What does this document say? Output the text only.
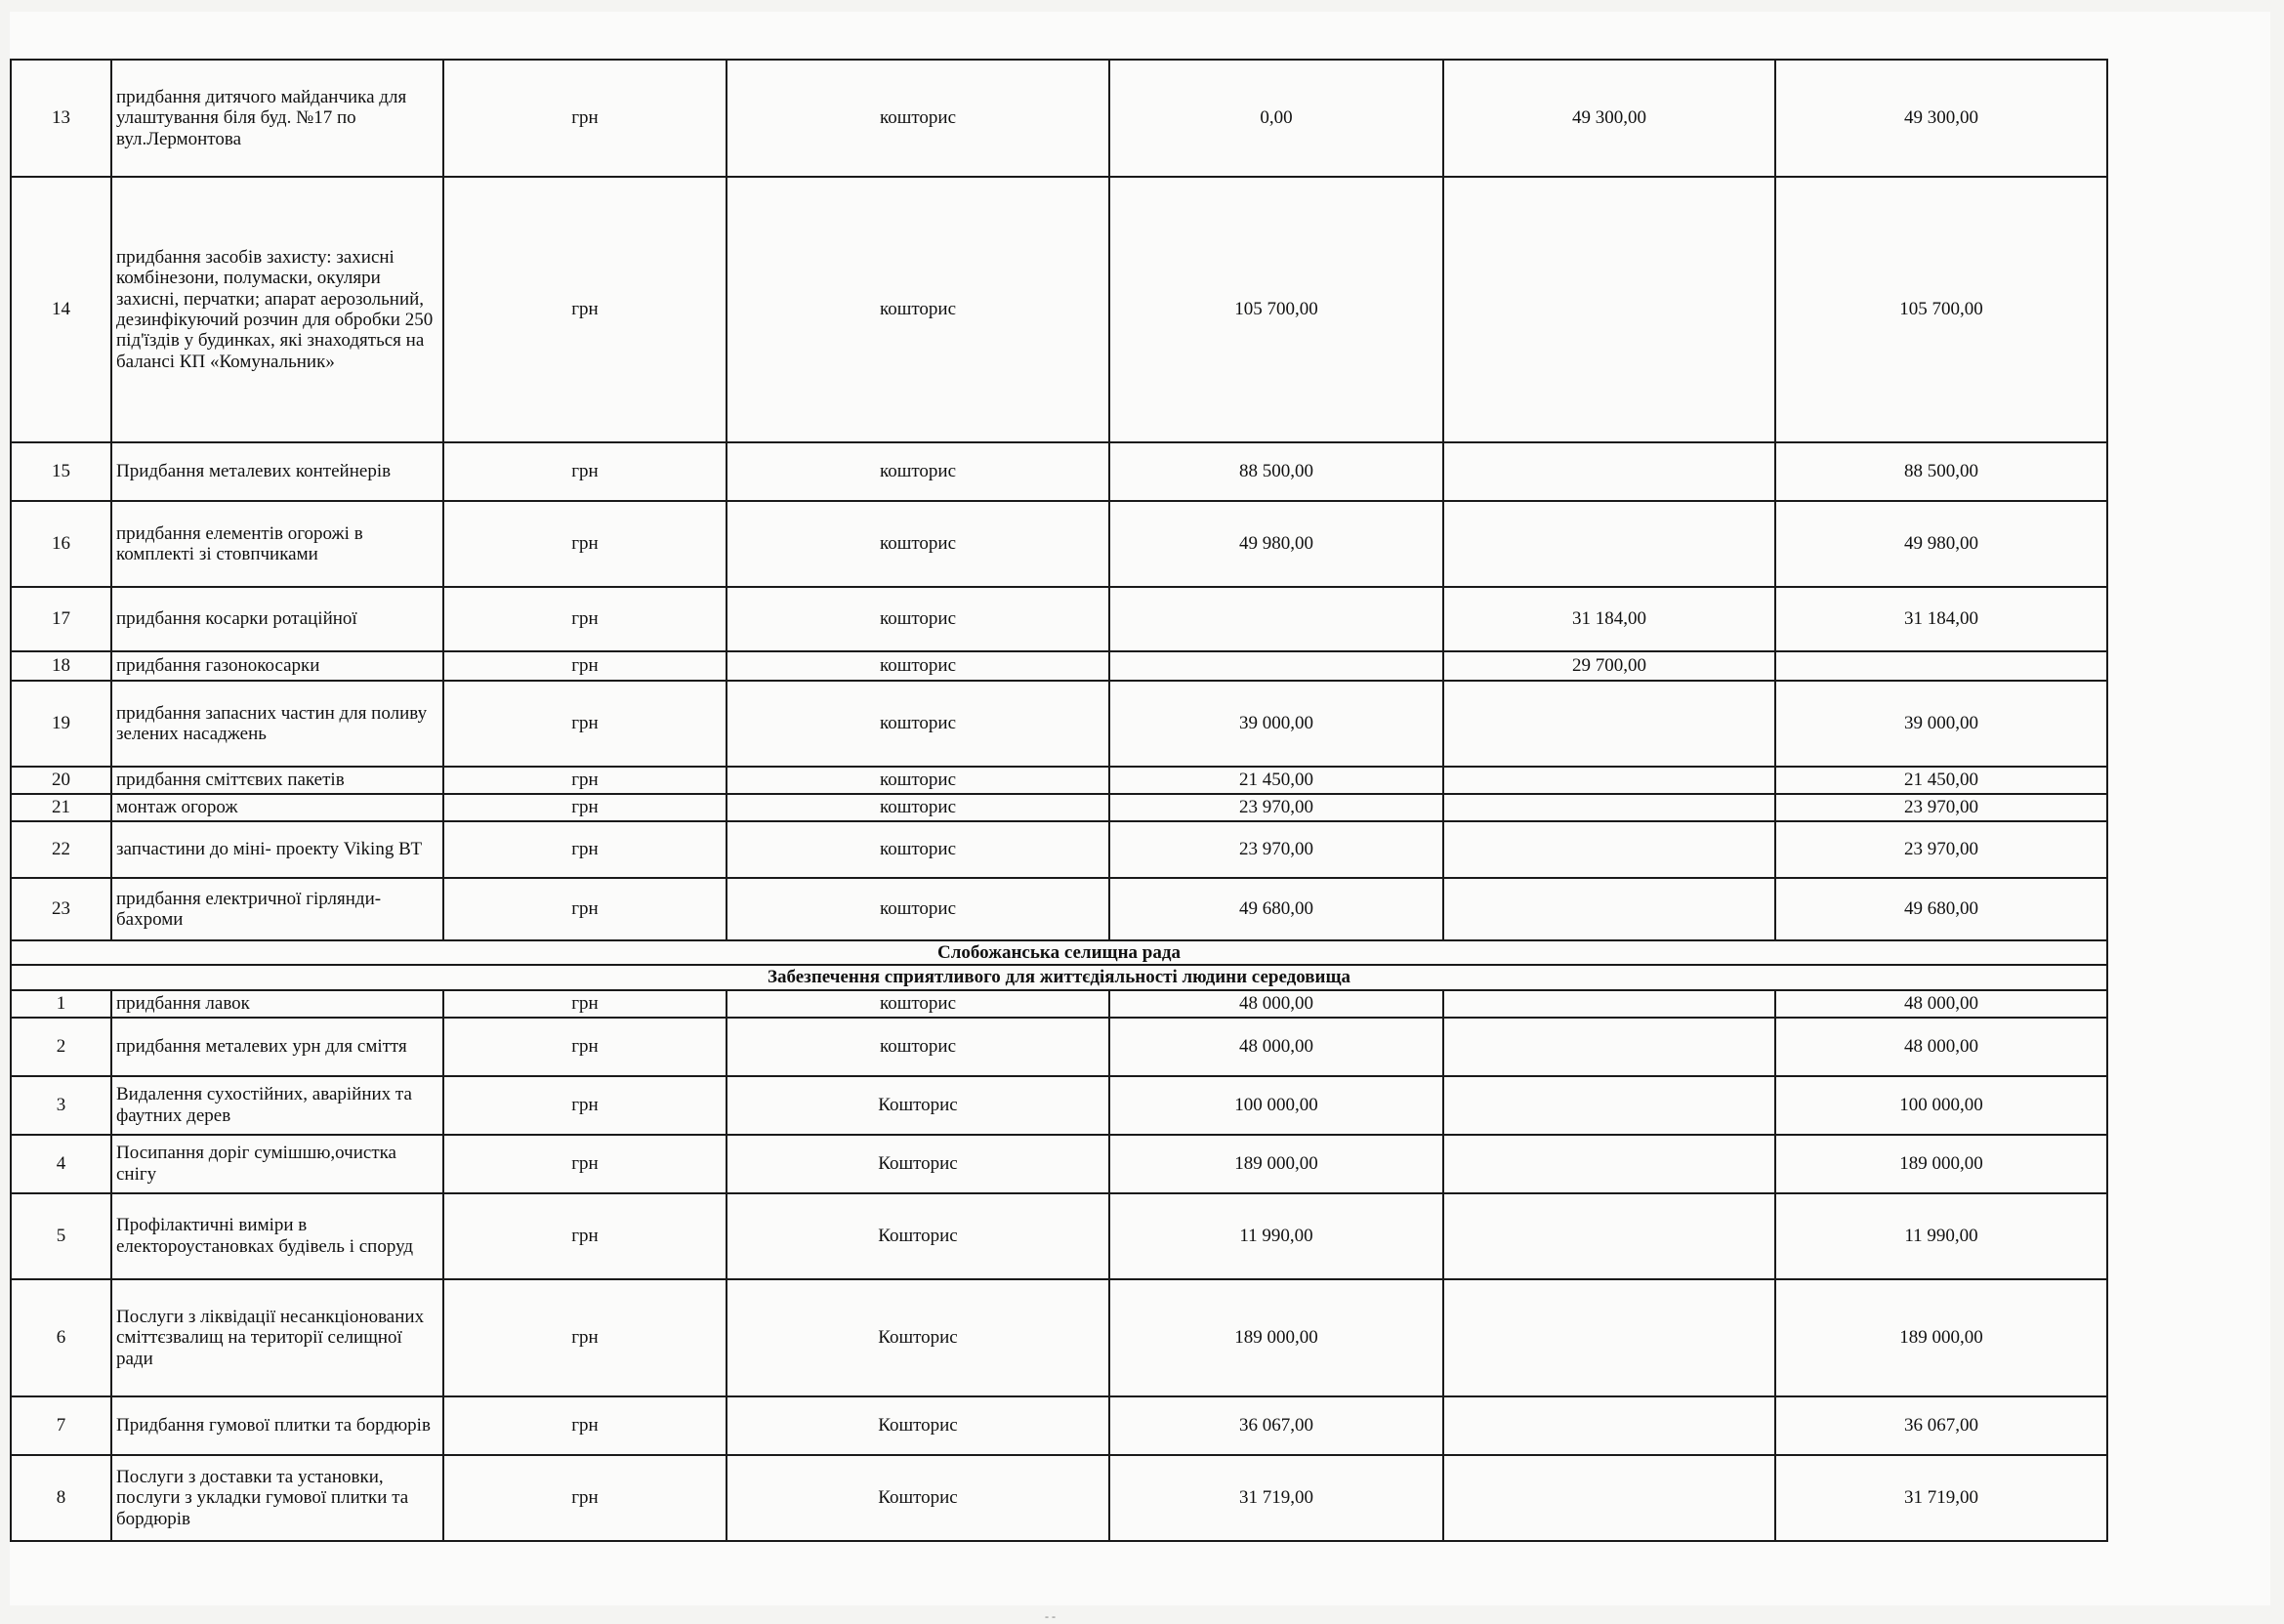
13	придбання дитячого майданчика для улаштування біля буд. №17 по вул.Лермонтова	грн	кошторис	0,00	49 300,00	49 300,00
14	придбання засобів захисту: захисні комбінезони, полумаски, окуляри захисні, перчатки; апарат аерозольний, дезинфікуючий розчин для обробки 250 під'їздів у будинках, які знаходяться на балансі КП «Комунальник»	грн	кошторис	105 700,00		105 700,00
15	Придбання металевих контейнерів	грн	кошторис	88 500,00		88 500,00
16	придбання елементів огорожі в комплекті зі стовпчиками	грн	кошторис	49 980,00		49 980,00
17	придбання косарки ротаційної	грн	кошторис		31 184,00	31 184,00
18	придбання газонокосарки	грн	кошторис		29 700,00	
19	придбання запасних частин для поливу зелених насаджень	грн	кошторис	39 000,00		39 000,00
20	придбання сміттєвих пакетів	грн	кошторис	21 450,00		21 450,00
21	монтаж огорож	грн	кошторис	23 970,00		23 970,00
22	запчастини до міні- проекту Viking ВТ	грн	кошторис	23 970,00		23 970,00
23	придбання електричної гірлянди-бахроми	грн	кошторис	49 680,00		49 680,00
Слобожанська селищна рада						
Забезпечення сприятливого для життєдіяльності людини середовища						
1	придбання лавок	грн	кошторис	48 000,00		48 000,00
2	придбання металевих урн для сміття	грн	кошторис	48 000,00		48 000,00
3	Видалення сухостійних, аварійних та фаутних дерев	грн	Кошторис	100 000,00		100 000,00
4	Посипання доріг сумішшю,очистка снігу	грн	Кошторис	189 000,00		189 000,00
5	Профілактичні виміри в електороустановках будівель і споруд	грн	Кошторис	11 990,00		11 990,00
6	Послуги з ліквідації несанкціонованих сміттєзвалищ на території селищної ради	грн	Кошторис	189 000,00		189 000,00
7	Придбання гумової плитки та бордюрів	грн	Кошторис	36 067,00		36 067,00
8	Послуги з доставки та установки, послуги з укладки гумової плитки та бордюрів	грн	Кошторис	31 719,00		31 719,00
- -
